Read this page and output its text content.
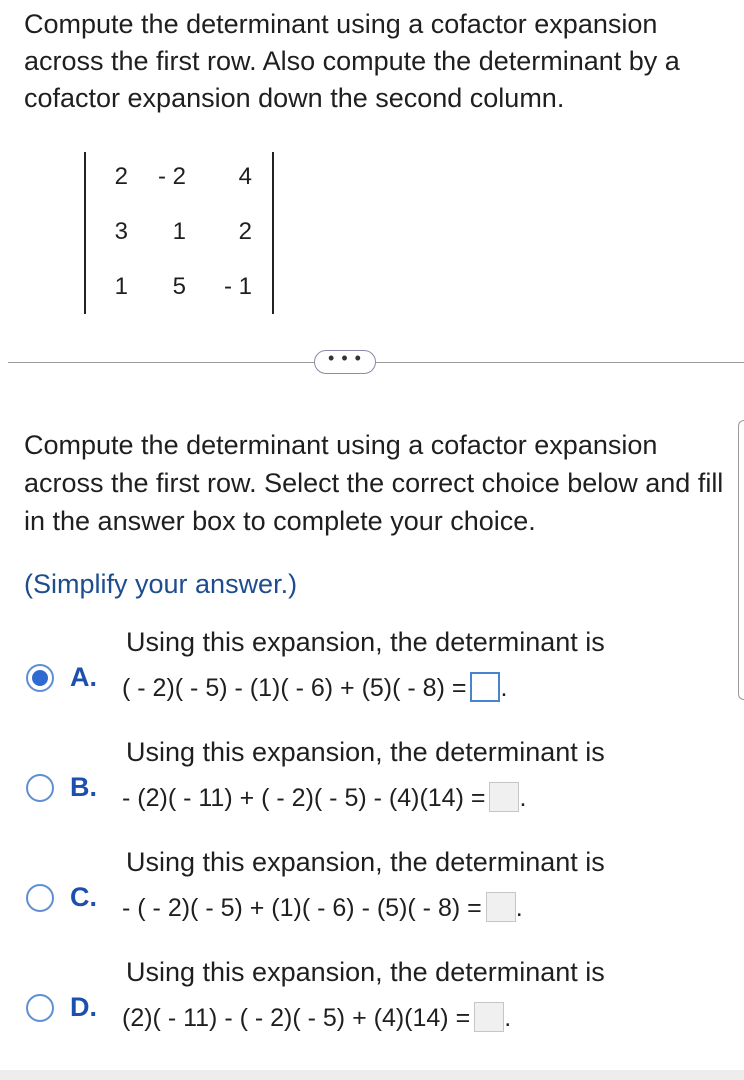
Compute the determinant using a cofactor expansion across the first row. Also compute the determinant by a cofactor expansion down the second column.

2	- 2	4
3	1	2
1	5	- 1
• • •

Compute the determinant using a cofactor expansion across the first row. Select the correct choice below and fill in the answer box to complete your choice.

(Simplify your answer.)
A.
Using this expansion, the determinant is
( - 2)( - 5) - (1)( - 6) + (5)( - 8) = .
B.
Using this expansion, the determinant is
- (2)( - 11) + ( - 2)( - 5) - (4)(14) = .
C.
Using this expansion, the determinant is
- ( - 2)( - 5) + (1)( - 6) - (5)( - 8) = .
D.
Using this expansion, the determinant is
(2)( - 11) - ( - 2)( - 5) + (4)(14) = .
